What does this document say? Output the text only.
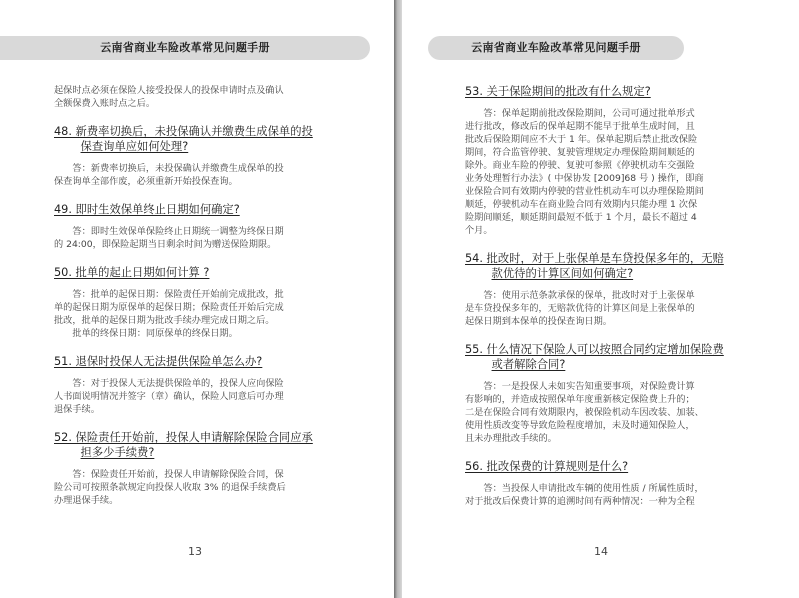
云南省商业车险改革常见问题手册

起保时点必须在保险人接受投保人的投保申请时点及确认

全额保费入账时点之后。

48. 新费率切换后，未投保确认并缴费生成保单的投

保查询单应如何处理?

答：新费率切换后，未投保确认并缴费生成保单的投

保查询单全部作废，必须重新开始投保查询。

49. 即时生效保单终止日期如何确定?

答：即时生效保单保险终止日期统一调整为终保日期

的 24:00，即保险起期当日剩余时间为赠送保险期限。

50. 批单的起止日期如何计算 ?

答：批单的起保日期：保险责任开始前完成批改，批

单的起保日期为原保单的起保日期；保险责任开始后完成

批改，批单的起保日期为批改手续办理完成日期之后。

批单的终保日期：同原保单的终保日期。

51. 退保时投保人无法提供保险单怎么办?

答：对于投保人无法提供保险单的，投保人应向保险

人书面说明情况并签字（章）确认，保险人同意后可办理

退保手续。

52. 保险责任开始前，投保人申请解除保险合同应承

担多少手续费?

答：保险责任开始前，投保人申请解除保险合同，保

险公司可按照条款规定向投保人收取 3% 的退保手续费后

办理退保手续。

13
云南省商业车险改革常见问题手册

53. 关于保险期间的批改有什么规定?

答：保单起期前批改保险期间，公司可通过批单形式

进行批改，修改后的保单起期不能早于批单生成时间，且

批改后保险期间应不大于 1 年。保单起期后禁止批改保险

期间，符合监管停驶、复驶管理规定办理保险期间顺延的

除外。商业车险的停驶、复驶可参照《停驶机动车交强险

业务处理暂行办法》( 中保协发 [2009]68 号 ) 操作，即商

业保险合同有效期内停驶的营业性机动车可以办理保险期间

顺延，停驶机动车在商业险合同有效期内只能办理 1 次保

险期间顺延，顺延期间最短不低于 1 个月，最长不超过 4

个月。

54. 批改时，对于上张保单是车贷投保多年的，无赔

款优待的计算区间如何确定?

答：使用示范条款承保的保单，批改时对于上张保单

是车贷投保多年的，无赔款优待的计算区间是上张保单的

起保日期到本保单的投保查询日期。

55. 什么情况下保险人可以按照合同约定增加保险费

或者解除合同?

答：一是投保人未如实告知重要事项，对保险费计算

有影响的，并造成按照保单年度重新核定保险费上升的；

二是在保险合同有效期限内，被保险机动车因改装、加装、

使用性质改变等导致危险程度增加，未及时通知保险人，

且未办理批改手续的。

56. 批改保费的计算规则是什么?

答：当投保人申请批改车辆的使用性质 / 所属性质时，

对于批改后保费计算的追溯时间有两种情况：一种为全程

14
